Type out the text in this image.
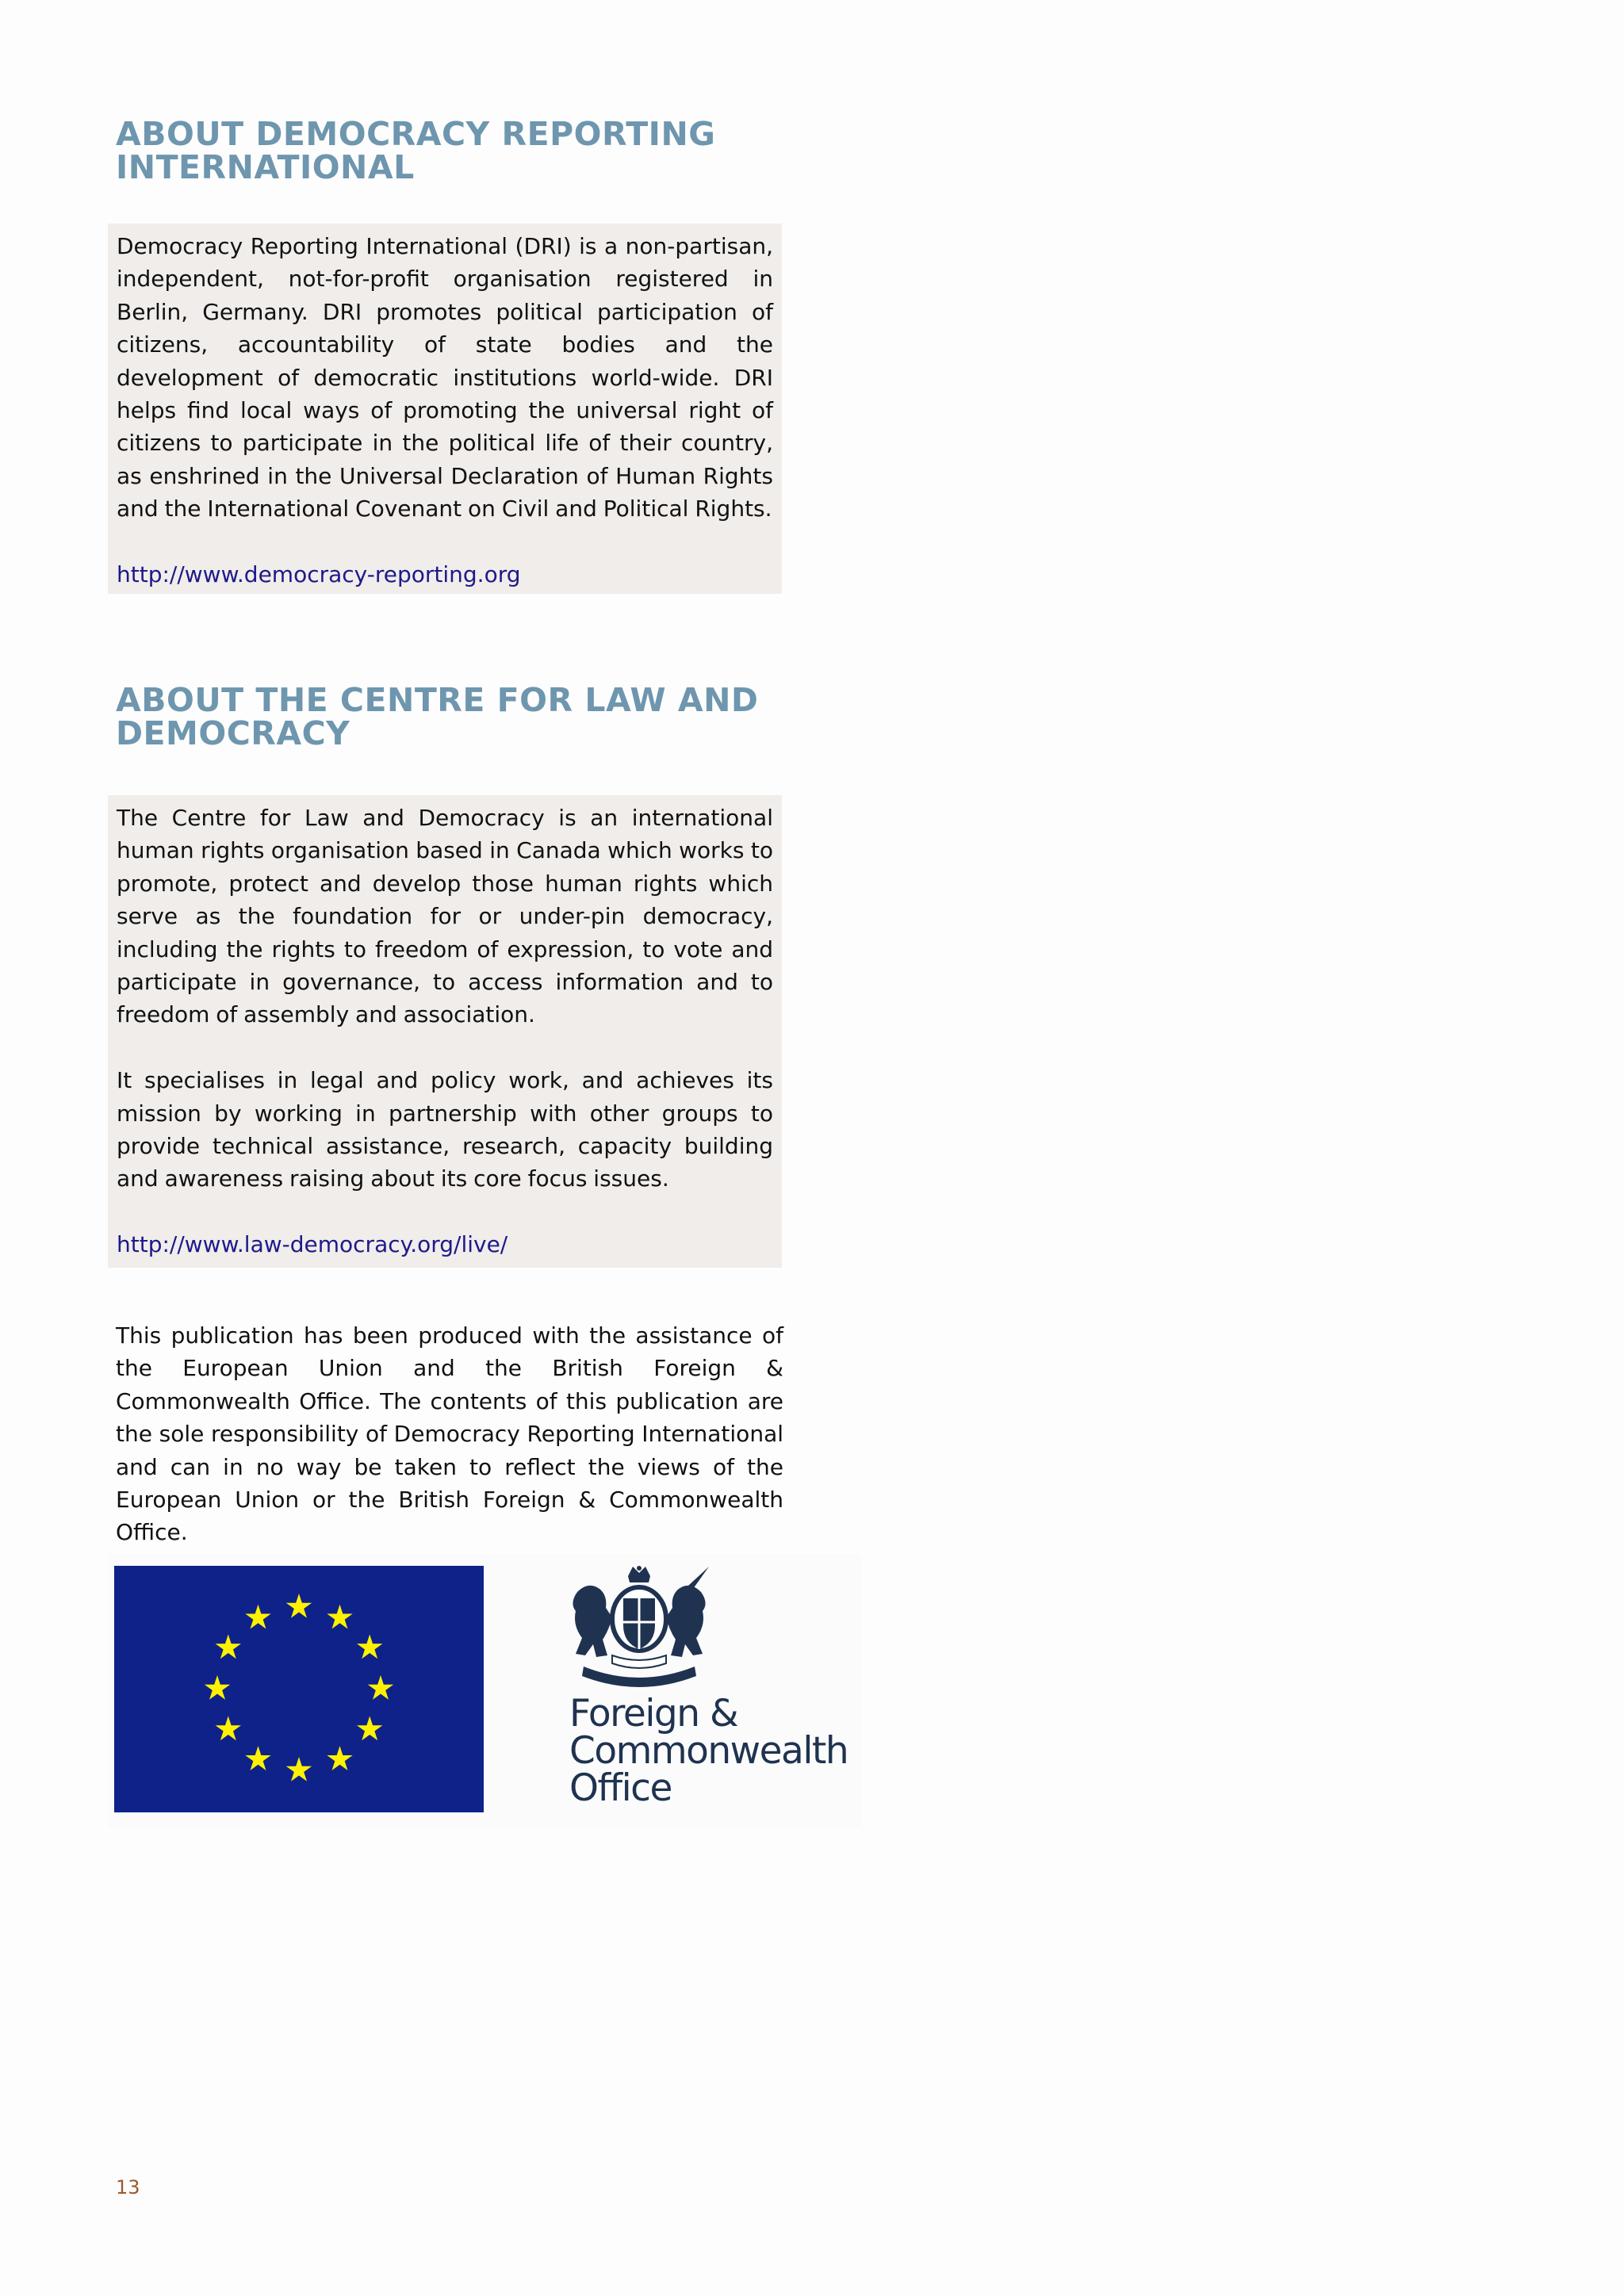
ABOUT DEMOCRACY REPORTING INTERNATIONAL

Democracy Reporting International (DRI) is a non-partisan, independent, not-for-profit organisation registered in Berlin, Germany. DRI promotes political participation of citizens, accountability of state bodies and the development of democratic institutions world-wide. DRI helps find local ways of promoting the universal right of citizens to participate in the political life of their country, as enshrined in the Universal Declaration of Human Rights and the International Covenant on Civil and Political Rights.

http://www.democracy-reporting.org
ABOUT THE CENTRE FOR LAW AND DEMOCRACY

The Centre for Law and Democracy is an international human rights organisation based in Canada which works to promote, protect and develop those human rights which serve as the foundation for or under-pin democracy, including the rights to freedom of expression, to vote and participate in governance, to access information and to freedom of assembly and association.

It specialises in legal and policy work, and achieves its mission by working in partnership with other groups to provide technical assistance, research, capacity building and awareness raising about its core focus issues.

http://www.law-democracy.org/live/

This publication has been produced with the assistance of the European Union and the British Foreign & Commonwealth Office. The contents of this publication are the sole responsibility of Democracy Reporting International and can in no way be taken to reflect the views of the European Union or the British Foreign & Commonwealth Office.

Foreign &
Commonwealth
Office
13
